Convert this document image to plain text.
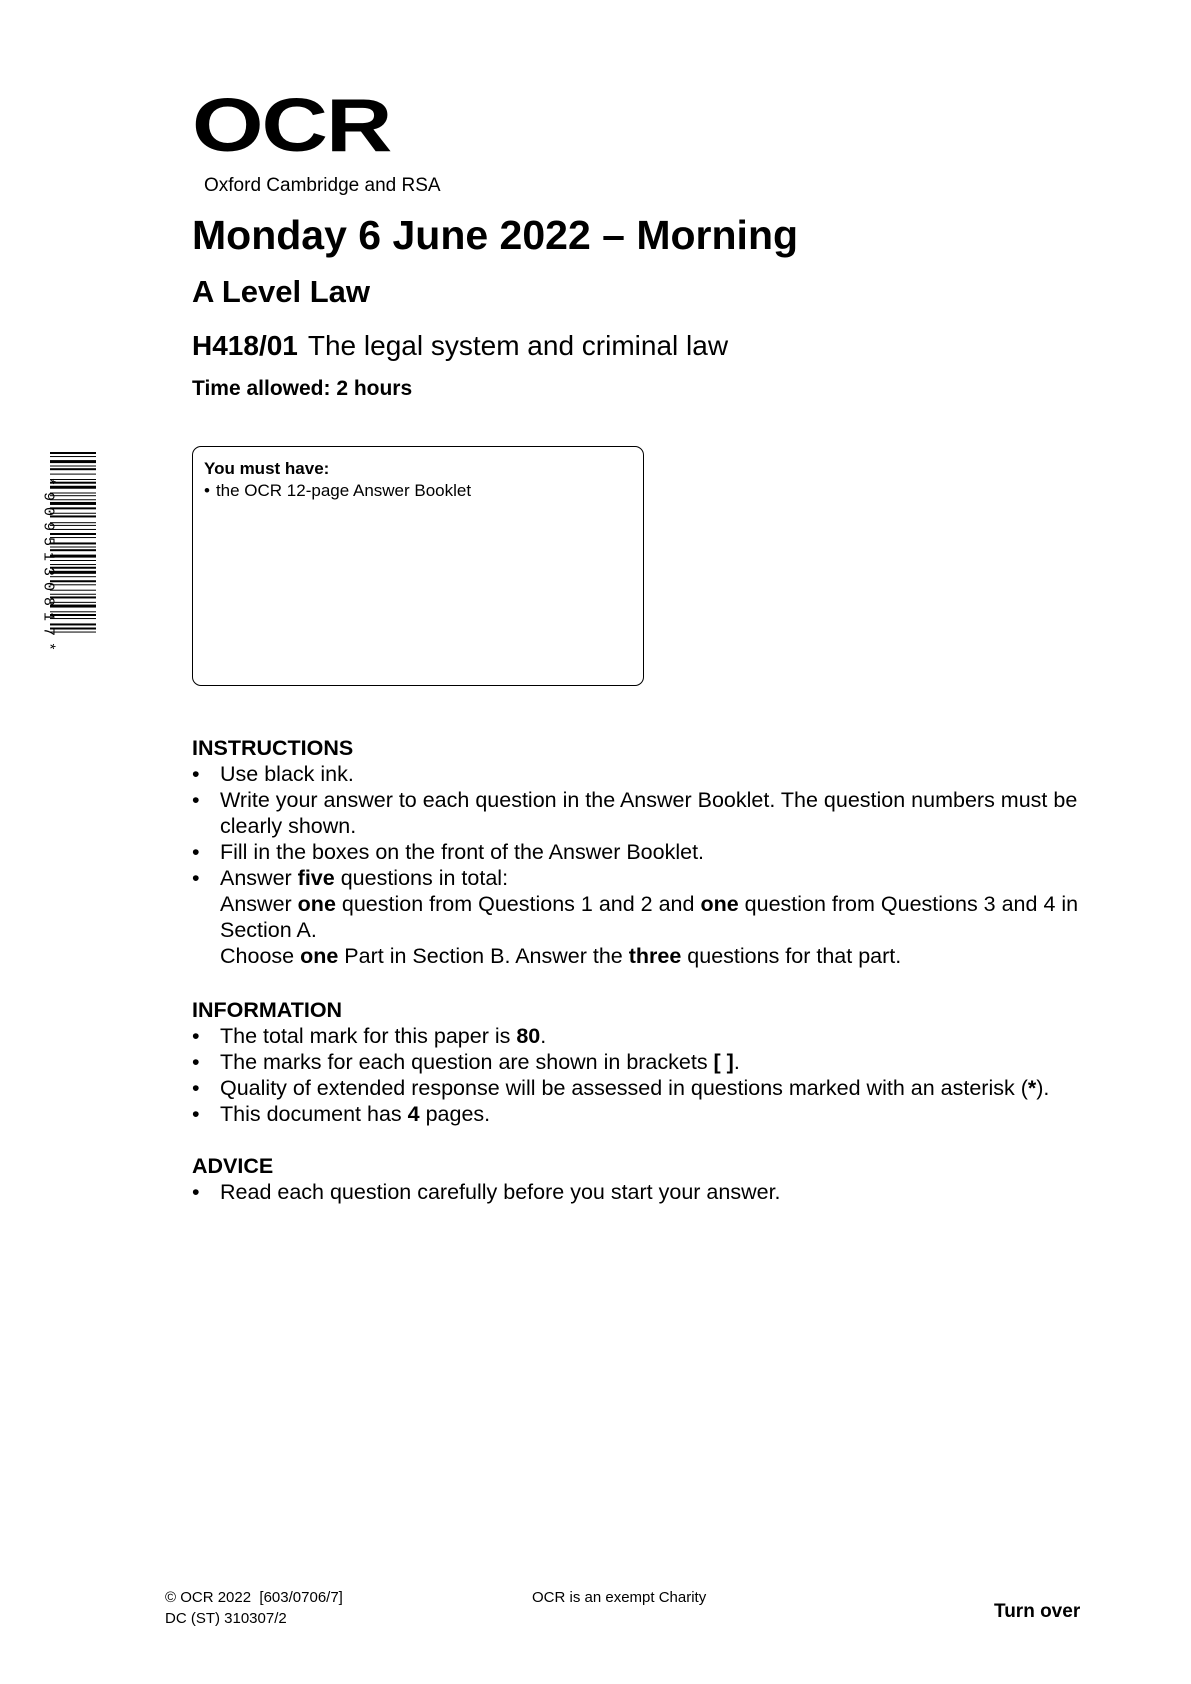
OCR
Oxford Cambridge and RSA
Monday 6 June 2022 – Morning
A Level Law
H418/01 The legal system and criminal law
Time allowed: 2 hours
*9095130817*
You must have:
• the OCR 12-page Answer Booklet
INSTRUCTIONS
• Use black ink.
• Write your answer to each question in the Answer Booklet. The question numbers must be clearly shown.
• Fill in the boxes on the front of the Answer Booklet.
• Answer five questions in total:
Answer one question from Questions 1 and 2 and one question from Questions 3 and 4 in Section A.
Choose one Part in Section B. Answer the three questions for that part.
INFORMATION
• The total mark for this paper is 80.
• The marks for each question are shown in brackets [ ].
• Quality of extended response will be assessed in questions marked with an asterisk (*).
• This document has 4 pages.
ADVICE
• Read each question carefully before you start your answer.
© OCR 2022  [603/0706/7]
DC (ST) 310307/2
OCR is an exempt Charity
Turn over
